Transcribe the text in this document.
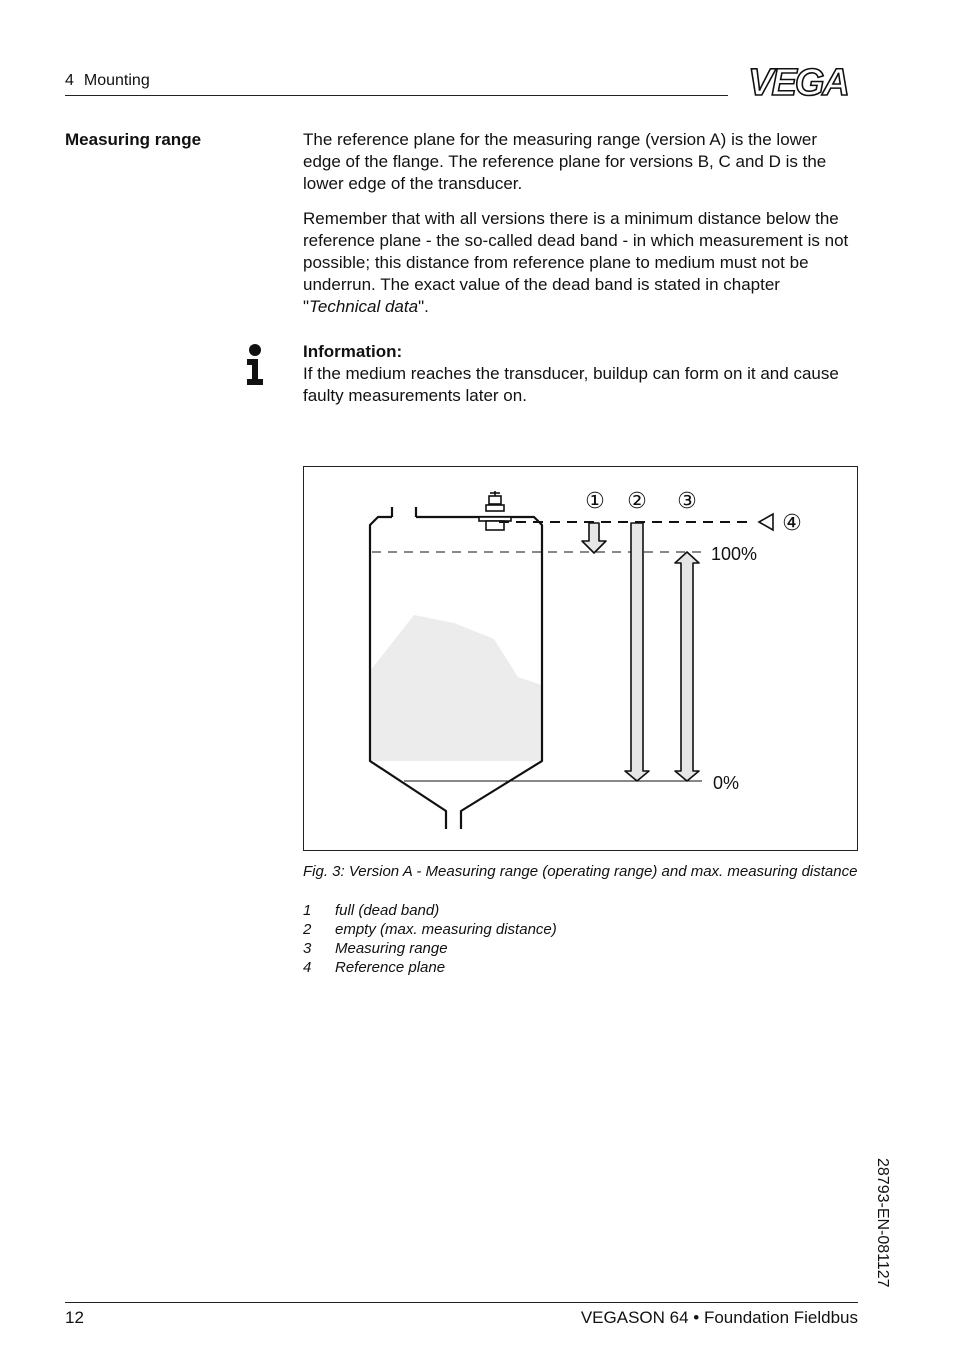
4 Mounting	VEGA
Measuring range	The reference plane for the measuring range (version A) is the lower edge of the flange. The reference plane for versions B, C and D is the lower edge of the transducer.
Remember that with all versions there is a minimum distance below the reference plane - the so-called dead band - in which measurement is not possible; this distance from reference plane to medium must not be underrun. The exact value of the dead band is stated in chapter "Technical data".
Information:
If the medium reaches the transducer, buildup can form on it and cause faulty measurements later on.
① ② ③
④
100%
0%
Fig. 3: Version A - Measuring range (operating range) and max. measuring distance
1 full (dead band)
2 empty (max. measuring distance)
3 Measuring range
4 Reference plane
28793-EN-081127
12	VEGASON 64 • Foundation Fieldbus
